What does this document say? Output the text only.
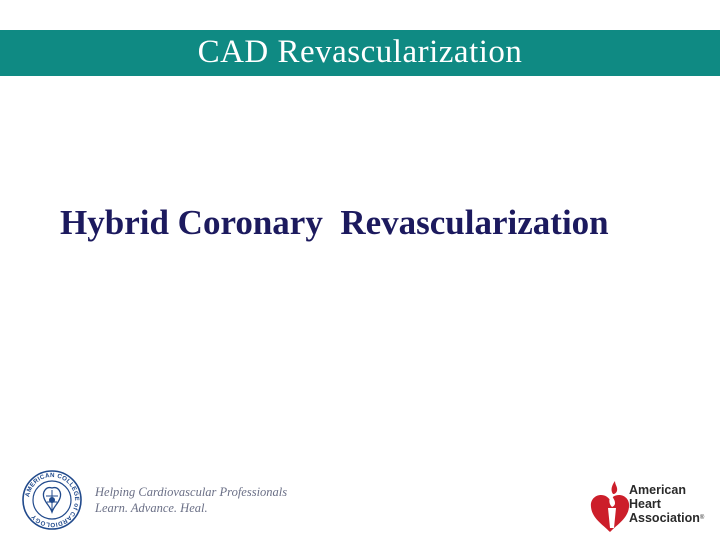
CAD Revascularization
Hybrid Coronary  Revascularization
AMERICAN COLLEGE of CARDIOLOGY
Helping Cardiovascular Professionals
Learn. Advance. Heal.
American
Heart
Association®
